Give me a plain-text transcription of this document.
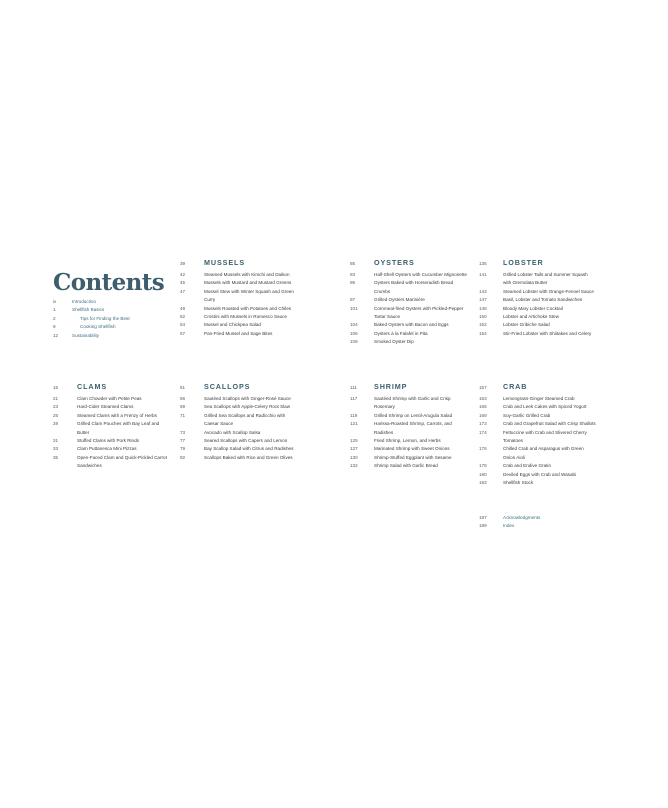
Contents
ix	Introduction
1	Shellfish Basics
2	Tips for Finding the Best
9	Cooking Shellfish
12	Sustainability
39	MUSSELS
42	Steamed Mussels with Kimchi and Daikon
45	Mussels with Mustard and Mustard Greens
47	Mussel Stew with Winter Squash and Green Curry
49	Mussels Roasted with Potatoes and Chiles
52	Crostini with Mussels in Romesco Sauce
54	Mussel and Chickpea Salad
57	Pan-Fried Mussel and Sage Bites
85	OYSTERS
93	Half-Shell Oysters with Cucumber Mignonette
95	Oysters Baked with Horseradish Bread Crumbs
97	Grilled Oysters Marinière
101	Cornmeal-fried Oysters with Pickled-Pepper Tartar Sauce
104	Baked Oysters with Bacon and Eggs
106	Oysters à la Falafel in Pita
108	Smoked Oyster Dip
135	LOBSTER
141	Grilled Lobster Tails and Summer Squash with Gremolata Butter
143	Steamed Lobster with Orange-Fennel Sauce
147	Basil, Lobster and Tomato Sandwiches
148	Bloody Mary Lobster Cocktail
150	Lobster and Artichoke Stew
152	Lobster Gribiche Salad
154	Stir-Fried Lobster with Shiitakes and Celery
15	CLAMS
21	Clam Chowder with Petite Peas
23	Hard-Cider Steamed Clams
25	Steamed Clams with a Frenzy of Herbs
28	Grilled Clam Pouches with Bay Leaf and Butter
31	Stuffed Clams with Pork Rinds
33	Clam Puttanesca Mini Pizzas
35	Open-Faced Clam and Quick-Pickled Carrot Sandwiches
61	SCALLOPS
66	Sautéed Scallops with Ginger-Rosé Sauce
69	Sea Scallops with Apple-Celery Root Slaw
71	Grilled Sea Scallops and Radicchio with Caesar Sauce
73	Avocado with Scallop Salsa
77	Seared Scallops with Capers and Lemon
79	Bay Scallop Salad with Citrus and Radishes
82	Scallops Baked with Rice and Green Olives
111	SHRIMP
117	Sautéed Shrimp with Garlic and Crisp Rosemary
119	Grilled Shrimp on Lentil-Arugula Salad
121	Harissa-Roasted Shrimp, Carrots, and Radishes
125	Fried Shrimp, Lemon, and Herbs
127	Marinated Shrimp with Sweet Onions
130	Shrimp-Stuffed Eggplant with Sesame
132	Shrimp Salad with Garlic Bread
157	CRAB
163	Lemongrass-Ginger Steamed Crab
165	Crab and Leek Cakes with Spiced Yogurt
169	Soy-Garlic Grilled Crab
173	Crab and Grapefruit Salad with Crisp Shallots
174	Fettuccine with Crab and Slivered Cherry Tomatoes
176	Chilled Crab and Asparagus with Green Onion Aioli
178	Crab and Endive Gratin
180	Deviled Eggs with Crab and Wasabi
183	Shellfish Stock
187	Acknowledgments
189	Index
